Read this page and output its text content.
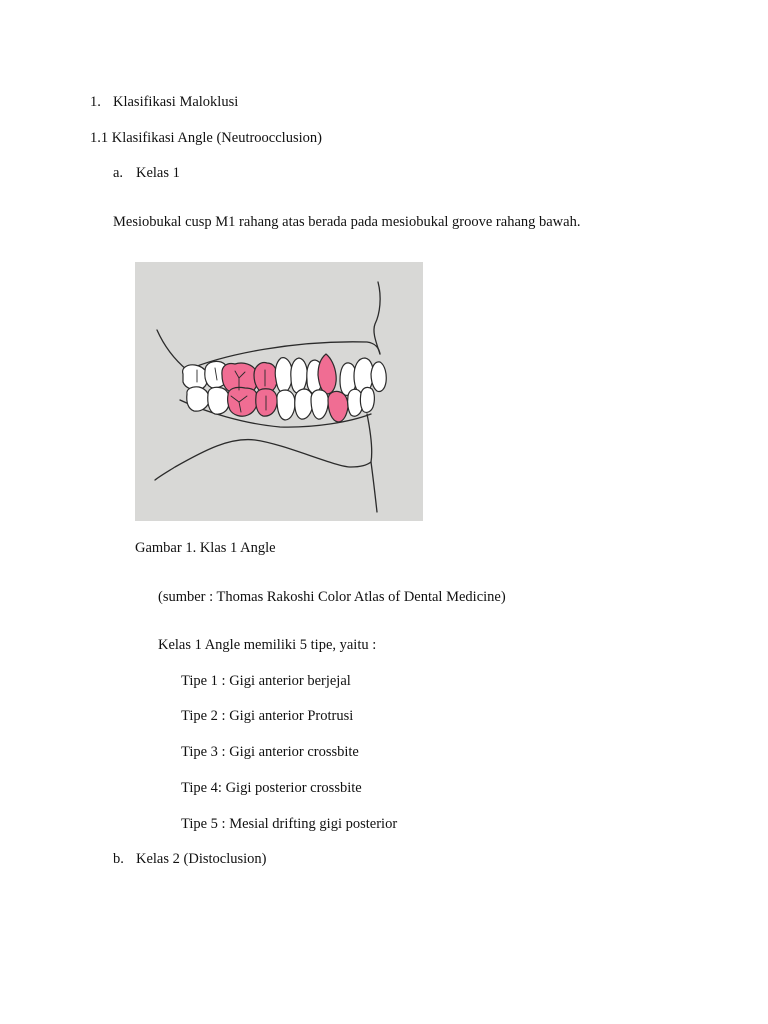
1. Klasifikasi Maloklusi
1.1 Klasifikasi Angle (Neutroocclusion)
a. Kelas 1
Mesiobukal cusp M1 rahang atas berada pada mesiobukal groove rahang bawah.
Gambar 1. Klas 1 Angle
(sumber : Thomas Rakoshi Color Atlas of Dental Medicine)
Kelas 1 Angle memiliki 5 tipe, yaitu :
Tipe 1 : Gigi anterior berjejal
Tipe 2 : Gigi anterior Protrusi
Tipe 3 : Gigi anterior crossbite
Tipe 4: Gigi posterior crossbite
Tipe 5 : Mesial drifting gigi posterior
b. Kelas 2 (Distoclusion)
